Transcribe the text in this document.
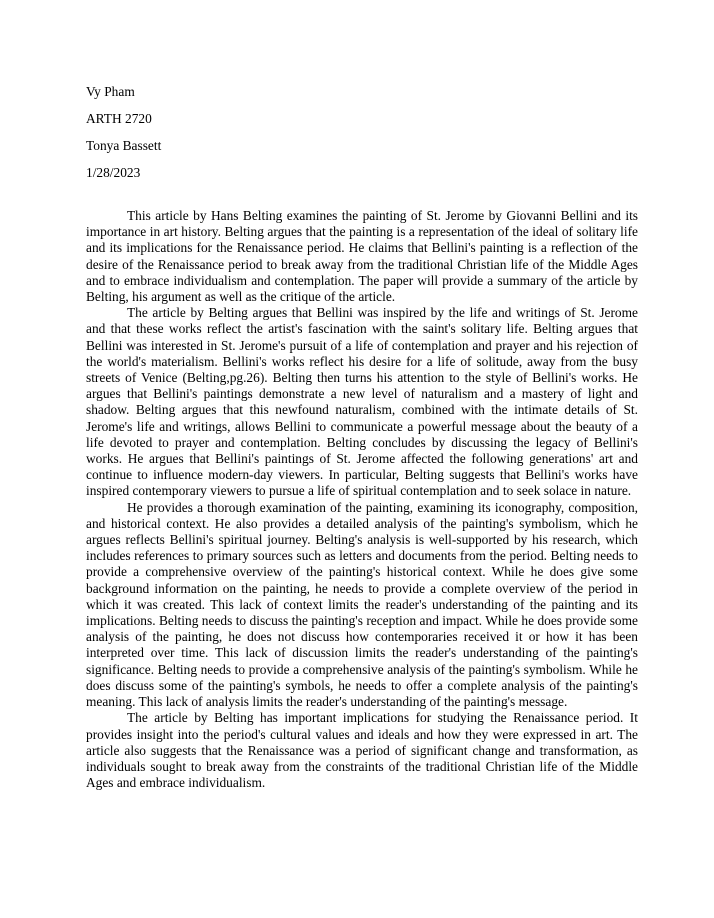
Vy Pham

ARTH 2720

Tonya Bassett

1/28/2023

This article by Hans Belting examines the painting of St. Jerome by Giovanni Bellini and its importance in art history. Belting argues that the painting is a representation of the ideal of solitary life and its implications for the Renaissance period. He claims that Bellini's painting is a reflection of the desire of the Renaissance period to break away from the traditional Christian life of the Middle Ages and to embrace individualism and contemplation. The paper will provide a summary of the article by Belting, his argument as well as the critique of the article.

The article by Belting argues that Bellini was inspired by the life and writings of St. Jerome and that these works reflect the artist's fascination with the saint's solitary life. Belting argues that Bellini was interested in St. Jerome's pursuit of a life of contemplation and prayer and his rejection of the world's materialism. Bellini's works reflect his desire for a life of solitude, away from the busy streets of Venice (Belting,pg.26). Belting then turns his attention to the style of Bellini's works. He argues that Bellini's paintings demonstrate a new level of naturalism and a mastery of light and shadow. Belting argues that this newfound naturalism, combined with the intimate details of St. Jerome's life and writings, allows Bellini to communicate a powerful message about the beauty of a life devoted to prayer and contemplation. Belting concludes by discussing the legacy of Bellini's works. He argues that Bellini's paintings of St. Jerome affected the following generations' art and continue to influence modern-day viewers. In particular, Belting suggests that Bellini's works have inspired contemporary viewers to pursue a life of spiritual contemplation and to seek solace in nature.

He provides a thorough examination of the painting, examining its iconography, composition, and historical context. He also provides a detailed analysis of the painting's symbolism, which he argues reflects Bellini's spiritual journey. Belting's analysis is well-supported by his research, which includes references to primary sources such as letters and documents from the period. Belting needs to provide a comprehensive overview of the painting's historical context. While he does give some background information on the painting, he needs to provide a complete overview of the period in which it was created. This lack of context limits the reader's understanding of the painting and its implications. Belting needs to discuss the painting's reception and impact. While he does provide some analysis of the painting, he does not discuss how contemporaries received it or how it has been interpreted over time. This lack of discussion limits the reader's understanding of the painting's significance. Belting needs to provide a comprehensive analysis of the painting's symbolism. While he does discuss some of the painting's symbols, he needs to offer a complete analysis of the painting's meaning. This lack of analysis limits the reader's understanding of the painting's message.

The article by Belting has important implications for studying the Renaissance period. It provides insight into the period's cultural values and ideals and how they were expressed in art. The article also suggests that the Renaissance was a period of significant change and transformation, as individuals sought to break away from the constraints of the traditional Christian life of the Middle Ages and embrace individualism.
